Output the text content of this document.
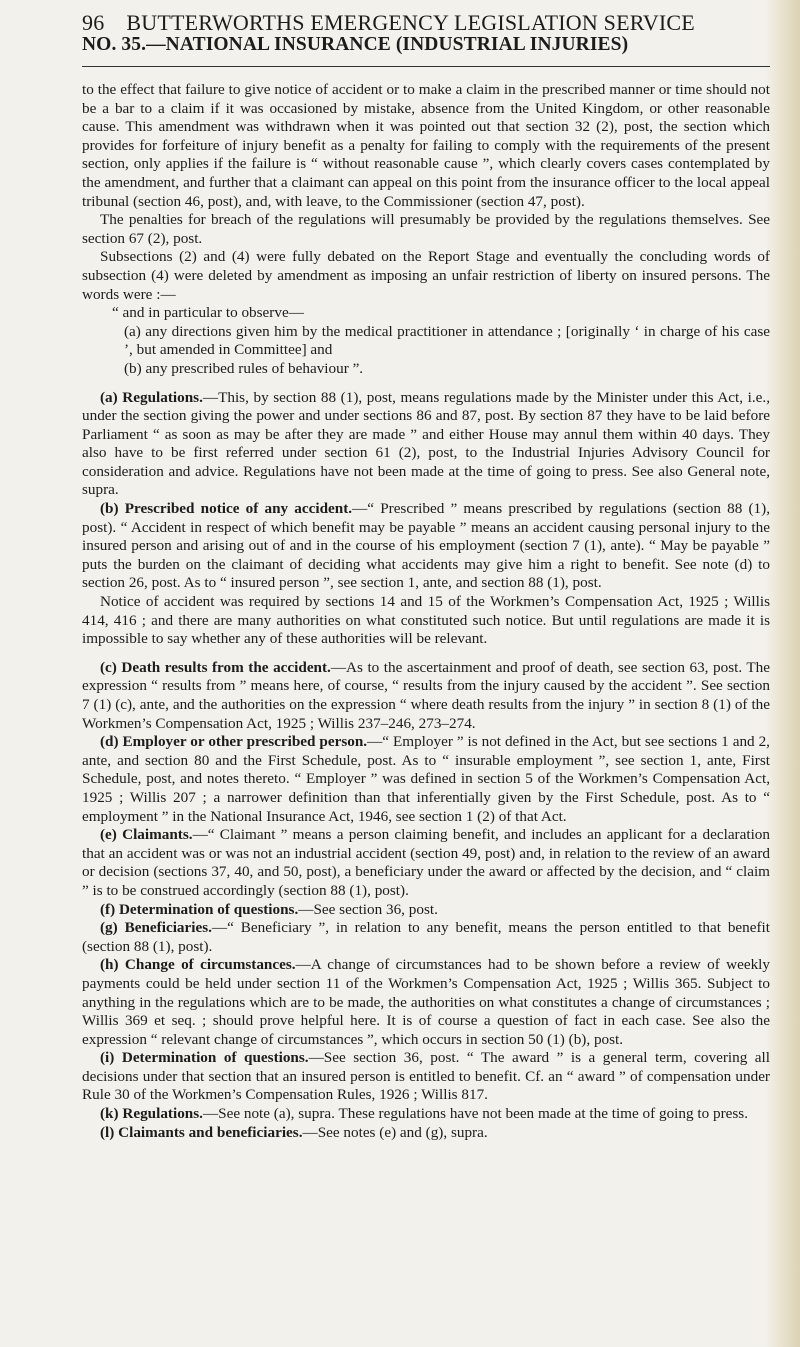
96 BUTTERWORTHS EMERGENCY LEGISLATION SERVICE
NO. 35.—NATIONAL INSURANCE (INDUSTRIAL INJURIES)

to the effect that failure to give notice of accident or to make a claim in the prescribed manner or time should not be a bar to a claim if it was occasioned by mistake, absence from the United Kingdom, or other reasonable cause. This amendment was withdrawn when it was pointed out that section 32 (2), post, the section which provides for forfeiture of injury benefit as a penalty for failing to comply with the requirements of the present section, only applies if the failure is “ without reasonable cause ”, which clearly covers cases contemplated by the amendment, and further that a claimant can appeal on this point from the insurance officer to the local appeal tribunal (section 46, post), and, with leave, to the Commissioner (section 47, post).

The penalties for breach of the regulations will presumably be provided by the regulations themselves. See section 67 (2), post.

Subsections (2) and (4) were fully debated on the Report Stage and eventually the concluding words of subsection (4) were deleted by amendment as imposing an unfair restriction of liberty on insured persons. The words were :—

“ and in particular to observe—

(a) any directions given him by the medical practitioner in attendance ; [originally ‘ in charge of his case ’, but amended in Committee] and

(b) any prescribed rules of behaviour ”.

(a) Regulations.—This, by section 88 (1), post, means regulations made by the Minister under this Act, i.e., under the section giving the power and under sections 86 and 87, post. By section 87 they have to be laid before Parliament “ as soon as may be after they are made ” and either House may annul them within 40 days. They also have to be first referred under section 61 (2), post, to the Industrial Injuries Advisory Council for consideration and advice. Regulations have not been made at the time of going to press. See also General note, supra.

(b) Prescribed notice of any accident.—“ Prescribed ” means prescribed by regulations (section 88 (1), post). “ Accident in respect of which benefit may be payable ” means an accident causing personal injury to the insured person and arising out of and in the course of his employment (section 7 (1), ante). “ May be payable ” puts the burden on the claimant of deciding what accidents may give him a right to benefit. See note (d) to section 26, post. As to “ insured person ”, see section 1, ante, and section 88 (1), post.

Notice of accident was required by sections 14 and 15 of the Workmen’s Compensation Act, 1925 ; Willis 414, 416 ; and there are many authorities on what constituted such notice. But until regulations are made it is impossible to say whether any of these authorities will be relevant.

(c) Death results from the accident.—As to the ascertainment and proof of death, see section 63, post. The expression “ results from ” means here, of course, “ results from the injury caused by the accident ”. See section 7 (1) (c), ante, and the authorities on the expression “ where death results from the injury ” in section 8 (1) of the Workmen’s Compensation Act, 1925 ; Willis 237–246, 273–274.

(d) Employer or other prescribed person.—“ Employer ” is not defined in the Act, but see sections 1 and 2, ante, and section 80 and the First Schedule, post. As to “ insurable employment ”, see section 1, ante, First Schedule, post, and notes thereto. “ Employer ” was defined in section 5 of the Workmen’s Compensation Act, 1925 ; Willis 207 ; a narrower definition than that inferentially given by the First Schedule, post. As to “ employment ” in the National Insurance Act, 1946, see section 1 (2) of that Act.

(e) Claimants.—“ Claimant ” means a person claiming benefit, and includes an applicant for a declaration that an accident was or was not an industrial accident (section 49, post) and, in relation to the review of an award or decision (sections 37, 40, and 50, post), a beneficiary under the award or affected by the decision, and “ claim ” is to be construed accordingly (section 88 (1), post).

(f) Determination of questions.—See section 36, post.

(g) Beneficiaries.—“ Beneficiary ”, in relation to any benefit, means the person entitled to that benefit (section 88 (1), post).

(h) Change of circumstances.—A change of circumstances had to be shown before a review of weekly payments could be held under section 11 of the Workmen’s Compensation Act, 1925 ; Willis 365. Subject to anything in the regulations which are to be made, the authorities on what constitutes a change of circumstances ; Willis 369 et seq. ; should prove helpful here. It is of course a question of fact in each case. See also the expression “ relevant change of circumstances ”, which occurs in section 50 (1) (b), post.

(i) Determination of questions.—See section 36, post. “ The award ” is a general term, covering all decisions under that section that an insured person is entitled to benefit. Cf. an “ award ” of compensation under Rule 30 of the Workmen’s Compensation Rules, 1926 ; Willis 817.

(k) Regulations.—See note (a), supra. These regulations have not been made at the time of going to press.

(l) Claimants and beneficiaries.—See notes (e) and (g), supra.
